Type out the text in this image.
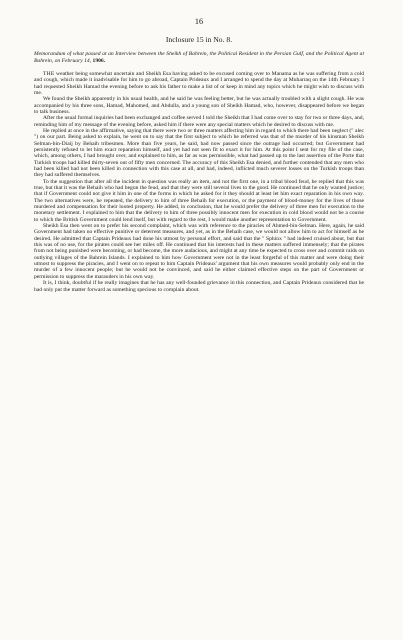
16
Inclosure 15 in No. 8.
Memorandum of what passed at an Interview between the Sheikh of Bahrein, the Political Resident in the Persian Gulf, and the Political Agent at Bahrein, on February 14, 1906.

THE weather being somewhat uncertain and Sheikh Esa having asked to be excused coming over to Manama as he was suffering from a cold and cough, which made it inadvisable for him to go abroad, Captain Prideaux and I arranged to spend the day at Muharraq on the 14th February. I had requested Sheikh Hamad the evening before to ask his father to make a list of or keep in mind any topics which he might wish to discuss with me.

We found the Sheikh apparently in his usual health, and he said he was feeling better, but he was actually troubled with a slight cough. He was accompanied by his three sons, Hamad, Mahomed, and Abdulla, and a young son of Sheikh Hamad, who, however, disappeared before we began to talk business.

After the usual formal inquiries had been exchanged and coffee served I told the Sheikh that I had come over to stay for two or three days, and, reminding him of my message of the evening before, asked him if there were any special matters which he desired to discuss with me.

He replied at once in the affirmative, saying that there were two or three matters affecting him in regard to which there had been neglect (" alec ") on our part. Being asked to explain, he went on to say that the first subject to which he referred was that of the murder of his kinsman Sheikh Selman-bin-Diaij by Behaih tribesmen. More than five years, he said, had now passed since the outrage had occurred; but Government had persistently refused to let him exact reparation himself, and yet had not seen fit to exact it for him. At this point I sent for my file of the case, which, among others, I had brought over, and explained to him, as far as was permissible, what had passed up to the last assertion of the Porte that Turkish troops had killed thirty-seven out of fifty men concerned. The accuracy of this Sheikh Esa denied, and further contended that any men who had been killed had not been killed in connection with this case at all, and had, indeed, inflicted much severer losses on the Turkish troops than they had suffered themselves.

To the suggestion that after all the incident in question was really an item, and not the first one, in a tribal blood feud, he replied that this was true, but that it was the Behaih who had begun the feud, and that they were still several lives to the good. He continued that he only wanted justice; that if Government could not give it him in one of the forms in which he asked for it they should at least let him exact reparation in his own way. The two alternatives were, he repeated, the delivery to him of three Behaih for execution, or the payment of blood-money for the lives of those murdered and compensation for their looted property. He added, in conclusion, that he would prefer the delivery of three men for execution to the monetary settlement. I explained to him that the delivery to him of three possibly innocent men for execution in cold blood would not be a course to which the British Government could lend itself, but with regard to the rest, I would make another representation to Government.

Sheikh Esa then went on to prefer his second complaint, which was with reference to the piracies of Ahmed-bin-Selman. Here, again, he said Government had taken no effective punitive or deterrent measures, and yet, as in the Behaih case, we would not allow him to act for himself as he desired. He admitted that Captain Prideaux had done his utmost by personal effort, and said that the " Sphinx " had indeed cruised about, but that this was of no use, for the pirates could see her miles off. He continued that his interests had in these matters suffered immensely; that the pirates from not being punished were becoming, or had become, the more audacious, and might at any time be expected to cross over and commit raids on outlying villages of the Bahrein Islands. I explained to him how Government were not in the least forgetful of this matter and were doing their utmost to suppress the piracies, and I went on to repeat to him Captain Prideaux' argument that his own measures would probably only end in the murder of a few innocent people; but he would not be convinced, and said he either claimed effective steps on the part of Government or permission to suppress the marauders in his own way.

It is, I think, doubtful if he really imagines that he has any well-founded grievance in this connection, and Captain Prideaux considered that he had only put the matter forward as something specious to complain about.
